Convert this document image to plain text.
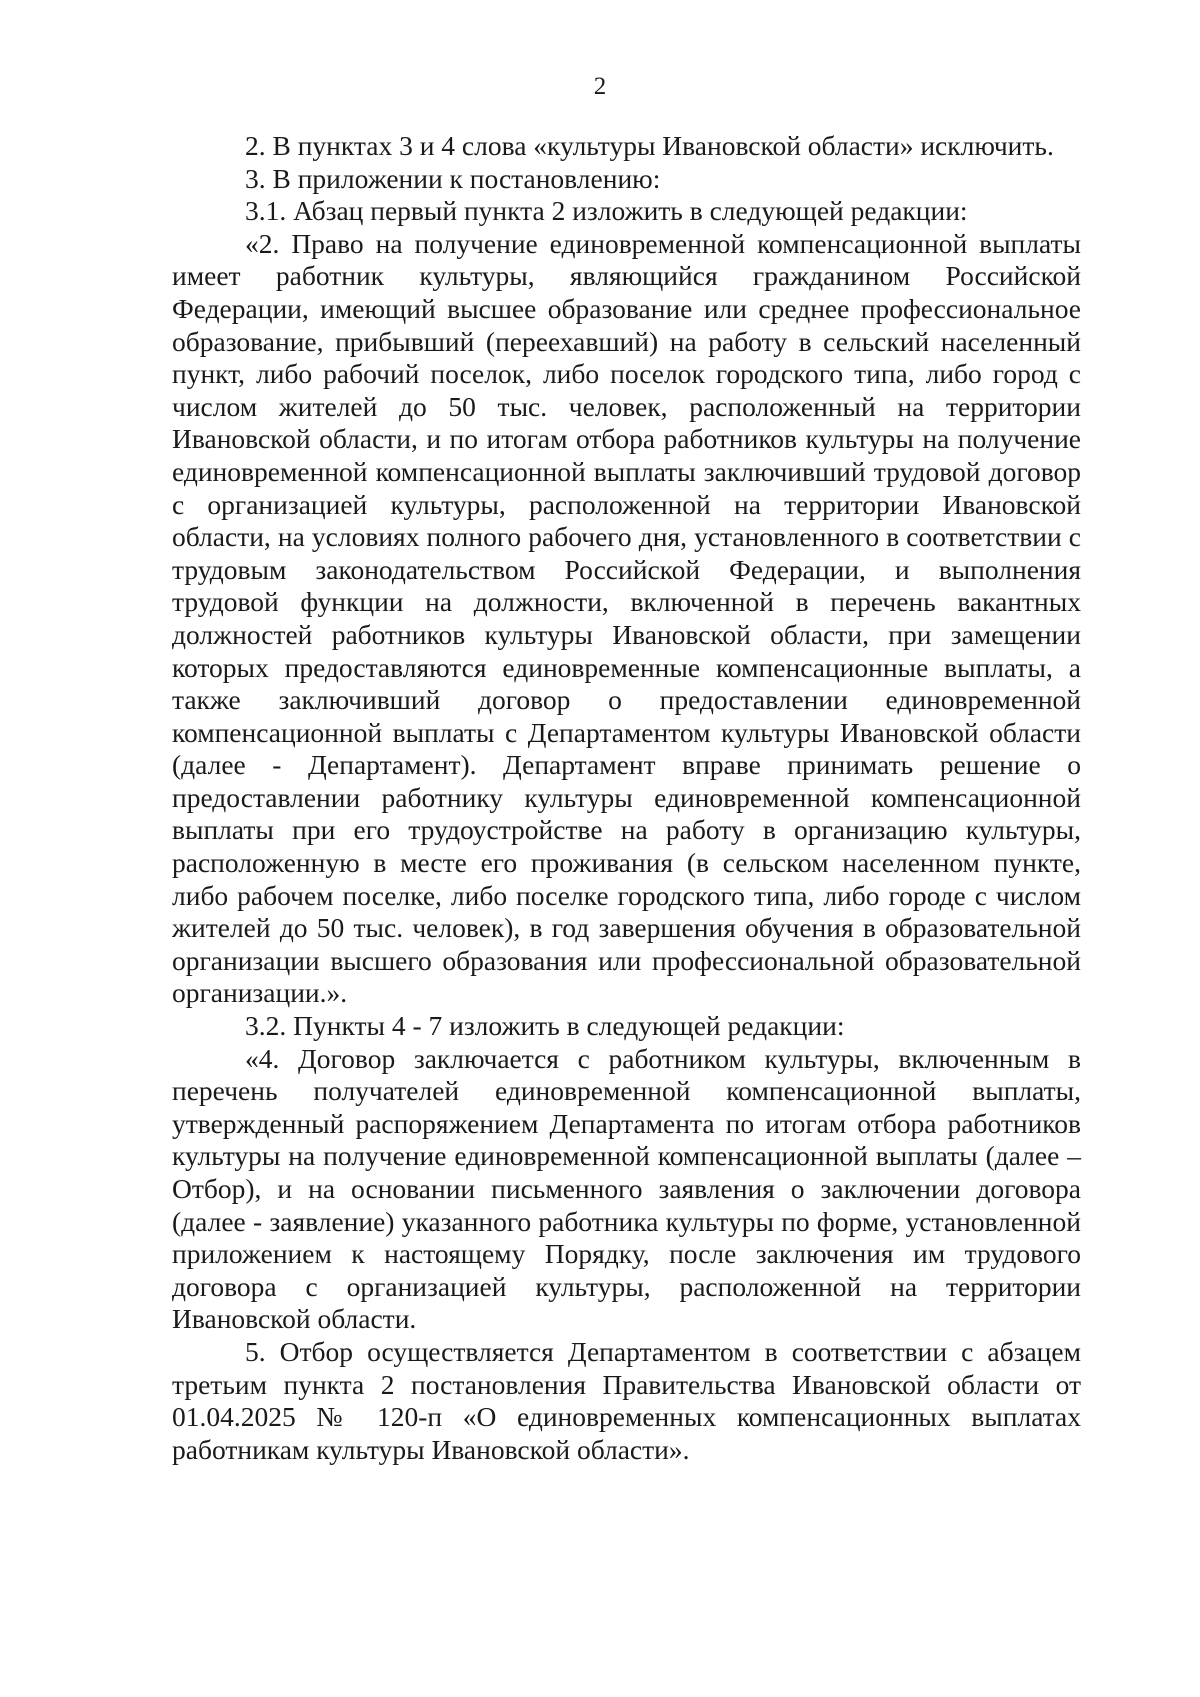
2

2. В пунктах 3 и 4 слова «культуры Ивановской области» исключить.

3. В приложении к постановлению:

3.1. Абзац первый пункта 2 изложить в следующей редакции:

«2. Право на получение единовременной компенсационной выплаты имеет работник культуры, являющийся гражданином Российской Федерации, имеющий высшее образование или среднее профессиональное образование, прибывший (переехавший) на работу в сельский населенный пункт, либо рабочий поселок, либо поселок городского типа, либо город с числом жителей до 50 тыс. человек, расположенный на территории Ивановской области, и по итогам отбора работников культуры на получение единовременной компенсационной выплаты заключивший трудовой договор с организацией культуры, расположенной на территории Ивановской области, на условиях полного рабочего дня, установленного в соответствии с трудовым законодательством Российской Федерации, и выполнения трудовой функции на должности, включенной в перечень вакантных должностей работников культуры Ивановской области, при замещении которых предоставляются единовременные компенсационные выплаты, а также заключивший договор о предоставлении единовременной компенсационной выплаты с Департаментом культуры Ивановской области (далее - Департамент). Департамент вправе принимать решение о предоставлении работнику культуры единовременной компенсационной выплаты при его трудоустройстве на работу в организацию культуры, расположенную в месте его проживания (в сельском населенном пункте, либо рабочем поселке, либо поселке городского типа, либо городе с числом жителей до 50 тыс. человек), в год завершения обучения в образовательной организации высшего образования или профессиональной образовательной организации.».

3.2. Пункты 4 - 7 изложить в следующей редакции:

«4. Договор заключается с работником культуры, включенным в перечень получателей единовременной компенсационной выплаты, утвержденный распоряжением Департамента по итогам отбора работников культуры на получение единовременной компенсационной выплаты (далее – Отбор), и на основании письменного заявления о заключении договора (далее - заявление) указанного работника культуры по форме, установленной приложением к настоящему Порядку, после заключения им трудового договора с организацией культуры, расположенной на территории Ивановской области.

5. Отбор осуществляется Департаментом в соответствии с абзацем третьим пункта 2 постановления Правительства Ивановской области от 01.04.2025 № 120-п «О единовременных компенсационных выплатах работникам культуры Ивановской области».
